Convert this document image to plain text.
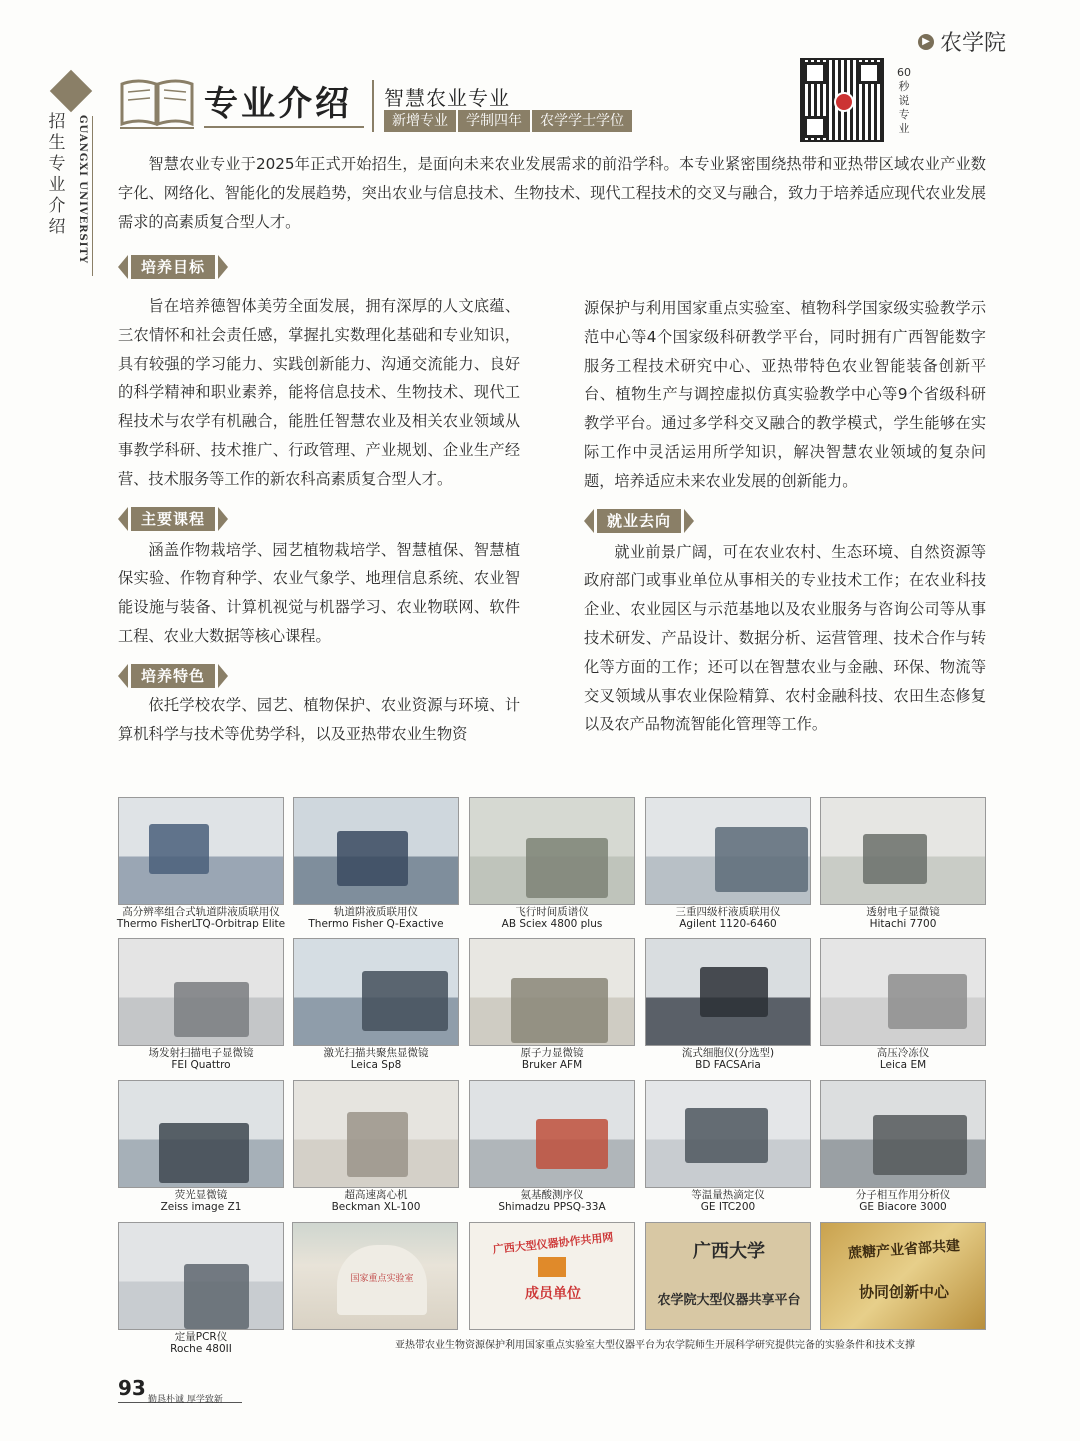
招生专业介绍	GUANGXI UNIVERSITY
▶ 农学院
专业介绍 智慧农业专业
新增专业	学制四年	农学学士学位
60秒说专业
智慧农业专业于2025年正式开始招生，是面向未来农业发展需求的前沿学科。本专业紧密围绕热带和亚热带区域农业产业数字化、网络化、智能化的发展趋势，突出农业与信息技术、生物技术、现代工程技术的交叉与融合，致力于培养适应现代农业发展需求的高素质复合型人才。
培养目标
旨在培养德智体美劳全面发展，拥有深厚的人文底蕴、三农情怀和社会责任感，掌握扎实数理化基础和专业知识，具有较强的学习能力、实践创新能力、沟通交流能力、良好的科学精神和职业素养，能将信息技术、生物技术、现代工程技术与农学有机融合，能胜任智慧农业及相关农业领域从事教学科研、技术推广、行政管理、产业规划、企业生产经营、技术服务等工作的新农科高素质复合型人才。
主要课程
涵盖作物栽培学、园艺植物栽培学、智慧植保、智慧植保实验、作物育种学、农业气象学、地理信息系统、农业智能设施与装备、计算机视觉与机器学习、农业物联网、软件工程、农业大数据等核心课程。
培养特色
依托学校农学、园艺、植物保护、农业资源与环境、计算机科学与技术等优势学科，以及亚热带农业生物资
源保护与利用国家重点实验室、植物科学国家级实验教学示范中心等4个国家级科研教学平台，同时拥有广西智能数字服务工程技术研究中心、亚热带特色农业智能装备创新平台、植物生产与调控虚拟仿真实验教学中心等9个省级科研教学平台。通过多学科交叉融合的教学模式，学生能够在实际工作中灵活运用所学知识，解决智慧农业领域的复杂问题，培养适应未来农业发展的创新能力。
就业去向
就业前景广阔，可在农业农村、生态环境、自然资源等政府部门或事业单位从事相关的专业技术工作；在农业科技企业、农业园区与示范基地以及农业服务与咨询公司等从事技术研发、产品设计、数据分析、运营管理、技术合作与转化等方面的工作；还可以在智慧农业与金融、环保、物流等交叉领域从事农业保险精算、农村金融科技、农田生态修复以及农产品物流智能化管理等工作。
高分辨率组合式轨道阱液质联用仪
Thermo FisherLTQ-Orbitrap Elite
轨道阱液质联用仪
Thermo Fisher Q-Exactive
飞行时间质谱仪
AB Sciex 4800 plus
三重四级杆液质联用仪
Agilent 1120-6460
透射电子显微镜
Hitachi 7700
场发射扫描电子显微镜
FEI Quattro
激光扫描共聚焦显微镜
Leica Sp8
原子力显微镜
Bruker AFM
流式细胞仪(分选型)
BD FACSAria
高压冷冻仪
Leica EM
荧光显微镜
Zeiss image Z1
超高速离心机
Beckman XL-100
氨基酸测序仪
Shimadzu PPSQ-33A
等温量热滴定仪
GE ITC200
分子相互作用分析仪
GE Biacore 3000
定量PCR仪
Roche 480II
国家重点实验室
广西大型仪器协作共用网
成员单位
广西大学
农学院大型仪器共享平台
蔗糖产业省部共建
协同创新中心
亚热带农业生物资源保护利用国家重点实验室大型仪器平台为农学院师生开展科学研究提供完备的实验条件和技术支撑
93 勤恳朴诚 厚学致新
